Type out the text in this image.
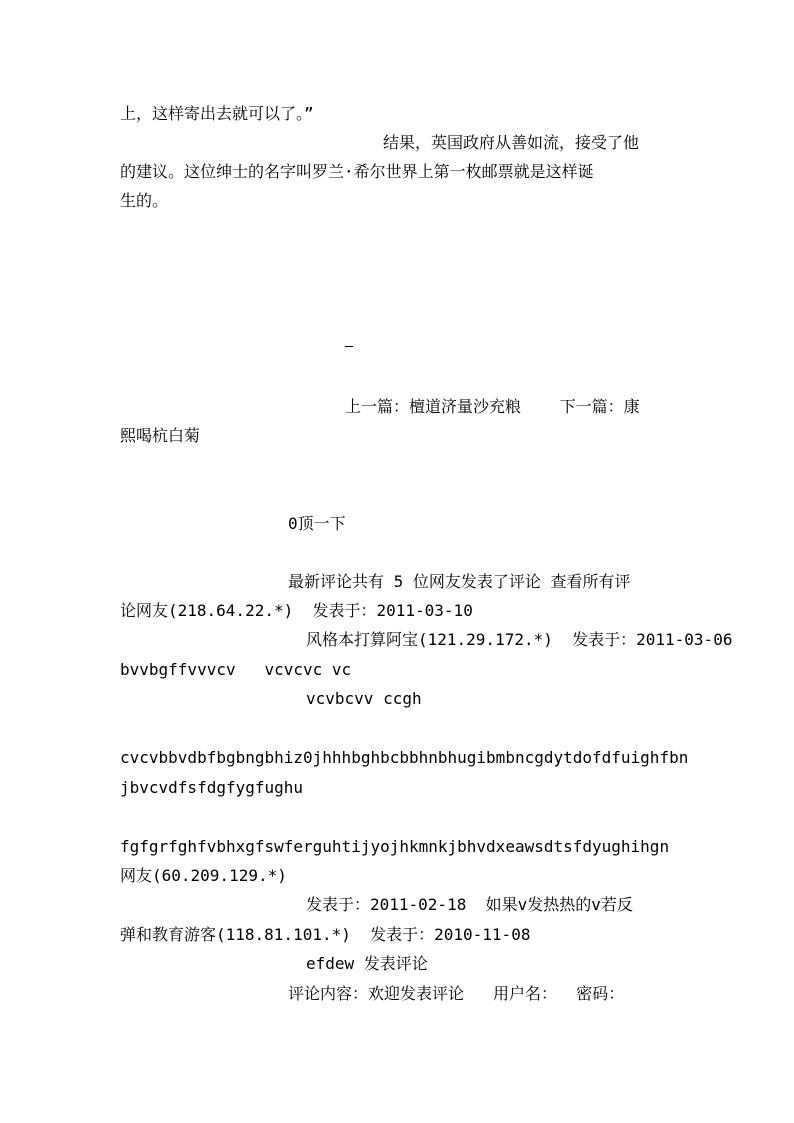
上，这样寄出去就可以了。”
结果，英国政府从善如流，接受了他
的建议。这位绅士的名字叫罗兰·希尔世界上第一枚邮票就是这样诞
生的。
上一篇：檀道济量沙充粮 下一篇：康
熙喝杭白菊
0顶一下
最新评论共有 5 位网友发表了评论 查看所有评
论网友(218.64.22.*)  发表于：2011-03-10
风格本打算阿宝(121.29.172.*)  发表于：2011-03-06
bvvbgffvvvcv   vcvcvc vc
vcvbcvv ccgh
cvcvbbvdbfbgbngbhiz0jhhhbghbcbbhnbhugibmbncgdytdofdfuighfbn
jbvcvdfsfdgfygfughu
fgfgrfghfvbhxgfswferguhtijyojhkmnkjbhvdxeawsdtsfdyughihgn
网友(60.209.129.*)
发表于：2011-02-18  如果v发热热的v若反
弹和教育游客(118.81.101.*)  发表于：2010-11-08
efdew 发表评论
评论内容：欢迎发表评论 用户名： 密码：
